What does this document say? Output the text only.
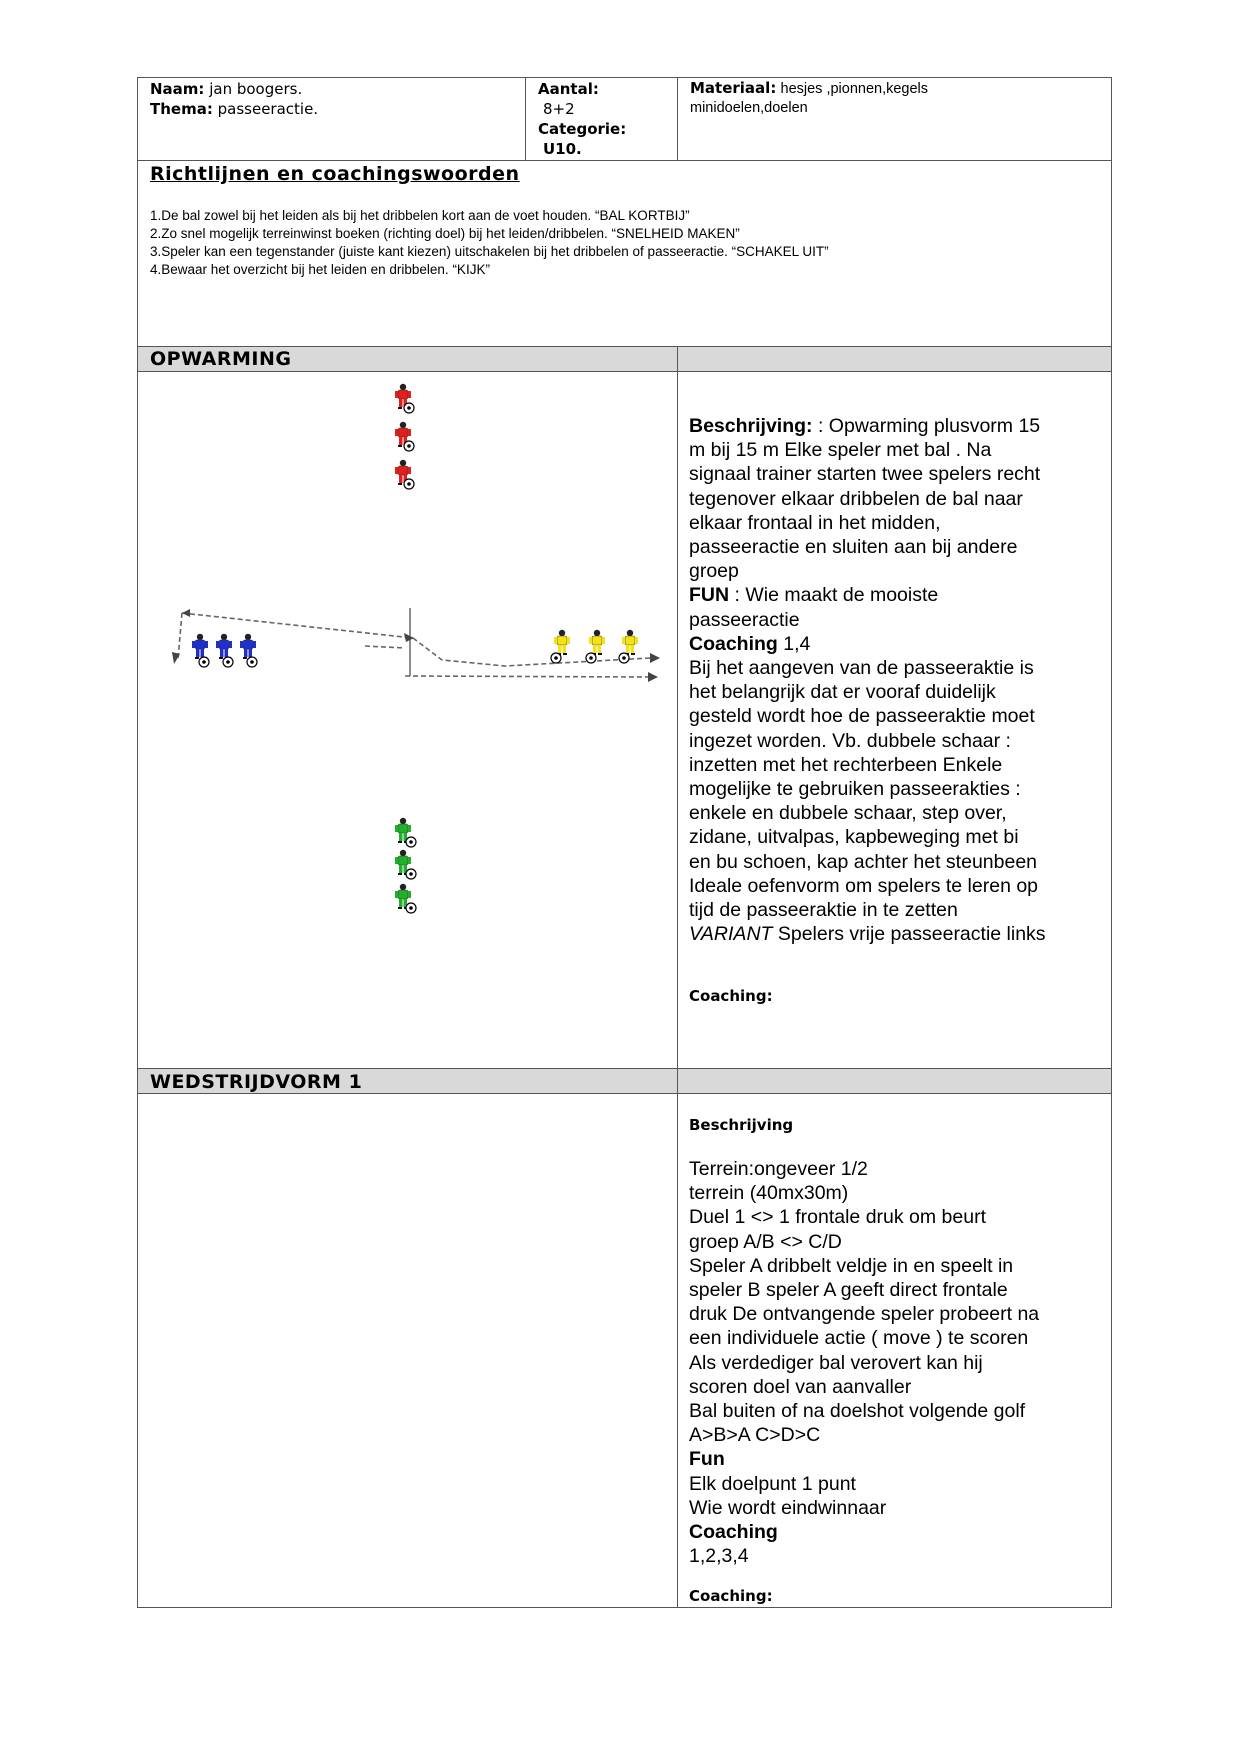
Naam: jan boogers.
Thema: passeeractie.
Aantal:
8+2
Categorie:
U10.
Materiaal: hesjes ,pionnen,kegels
minidoelen,doelen
Richtlijnen en coachingswoorden
1.De bal zowel bij het leiden als bij het dribbelen kort aan de voet houden. “BAL KORTBIJ”
2.Zo snel mogelijk terreinwinst boeken (richting doel) bij het leiden/dribbelen. “SNELHEID MAKEN”
3.Speler kan een tegenstander (juiste kant kiezen) uitschakelen bij het dribbelen of passeeractie. “SCHAKEL UIT”
4.Bewaar het overzicht bij het leiden en dribbelen. “KIJK”
OPWARMING
Beschrijving: : Opwarming plusvorm 15
m bij 15 m Elke speler met bal . Na
signaal trainer starten twee spelers recht
tegenover elkaar dribbelen de bal naar
elkaar frontaal in het midden,
passeeractie en sluiten aan bij andere
groep
FUN : Wie maakt de mooiste
passeeractie
Coaching 1,4
Bij het aangeven van de passeeraktie is
het belangrijk dat er vooraf duidelijk
gesteld wordt hoe de passeeraktie moet
ingezet worden. Vb. dubbele schaar :
inzetten met het rechterbeen Enkele
mogelijke te gebruiken passeerakties :
enkele en dubbele schaar, step over,
zidane, uitvalpas, kapbeweging met bi
en bu schoen, kap achter het steunbeen
Ideale oefenvorm om spelers te leren op
tijd de passeeraktie in te zetten
VARIANT Spelers vrije passeeractie links
Coaching:
WEDSTRIJDVORM 1
Beschrijving
Terrein:ongeveer 1/2
terrein (40mx30m)
Duel 1 <> 1 frontale druk om beurt
groep A/B <> C/D
Speler A dribbelt veldje in en speelt in
speler B speler A geeft direct frontale
druk De ontvangende speler probeert na
een individuele actie ( move ) te scoren
Als verdediger bal verovert kan hij
scoren doel van aanvaller
Bal buiten of na doelshot volgende golf
A>B>A C>D>C
Fun
Elk doelpunt 1 punt
Wie wordt eindwinnaar
Coaching
1,2,3,4
Coaching:
